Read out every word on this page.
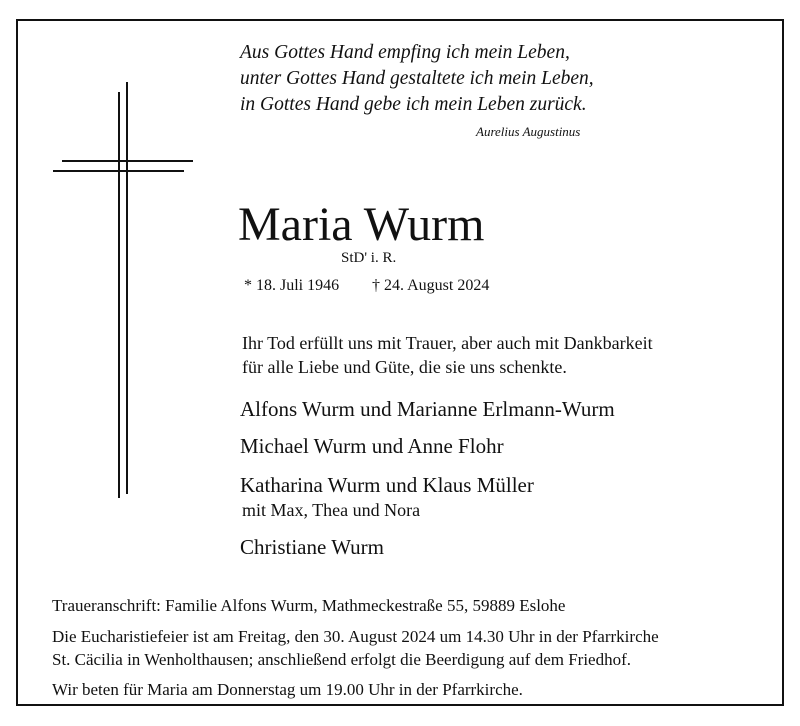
Aus Gottes Hand empfing ich mein Leben,
unter Gottes Hand gestaltete ich mein Leben,
in Gottes Hand gebe ich mein Leben zurück.
Aurelius Augustinus
Maria Wurm
StD' i. R.
* 18. Juli 1946 † 24. August 2024
Ihr Tod erfüllt uns mit Trauer, aber auch mit Dankbarkeit
für alle Liebe und Güte, die sie uns schenkte.
Alfons Wurm und Marianne Erlmann-Wurm
Michael Wurm und Anne Flohr
Katharina Wurm und Klaus Müller
mit Max, Thea und Nora
Christiane Wurm
Traueranschrift: Familie Alfons Wurm, Mathmeckestraße 55, 59889 Eslohe
Die Eucharistiefeier ist am Freitag, den 30. August 2024 um 14.30 Uhr in der Pfarrkirche
St. Cäcilia in Wenholthausen; anschließend erfolgt die Beerdigung auf dem Friedhof.
Wir beten für Maria am Donnerstag um 19.00 Uhr in der Pfarrkirche.
